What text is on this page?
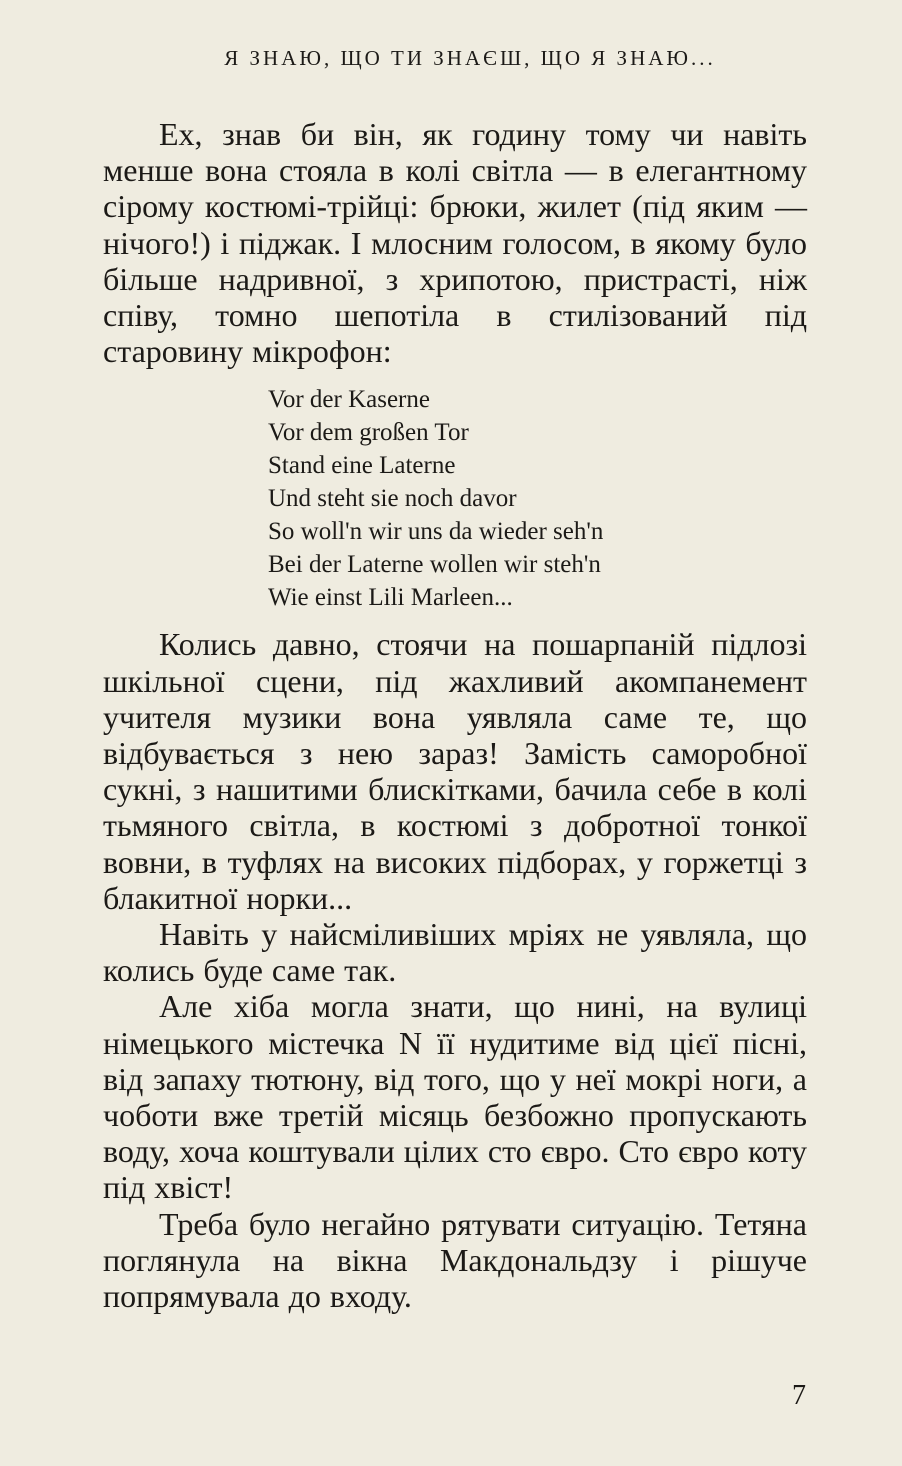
Я ЗНАЮ, ЩО ТИ ЗНАЄШ, ЩО Я ЗНАЮ...

Ех, знав би він, як годину тому чи навіть менше вона стояла в колі світла — в елегантному сірому костюмі-трійці: брюки, жилет (під яким — нічого!) і піджак. І млосним голосом, в якому було більше надривної, з хрипотою, пристрасті, ніж співу, томно шепотіла в стилізований під старовину мікрофон:

Vor der Kaserne
Vor dem großen Tor
Stand eine Laterne
Und steht sie noch davor
So woll'n wir uns da wieder seh'n
Bei der Laterne wollen wir steh'n
Wie einst Lili Marleen...

Колись давно, стоячи на пошарпаній підлозі шкільної сцени, під жахливий акомпанемент учителя музики вона уявляла саме те, що відбувається з нею зараз! Замість саморобної сукні, з нашитими блискітками, бачила себе в колі тьмяного світла, в костюмі з добротної тонкої вовни, в туфлях на високих підборах, у горжетці з блакитної норки...

Навіть у найсміливіших мріях не уявляла, що колись буде саме так.

Але хіба могла знати, що нині, на вулиці німецького містечка N її нудитиме від цієї пісні, від запаху тютюну, від того, що у неї мокрі ноги, а чоботи вже третій місяць безбожно пропускають воду, хоча коштували цілих сто євро. Сто євро коту під хвіст!

Треба було негайно рятувати ситуацію. Тетяна поглянула на вікна Макдональдзу і рішуче попрямувала до входу.

7
